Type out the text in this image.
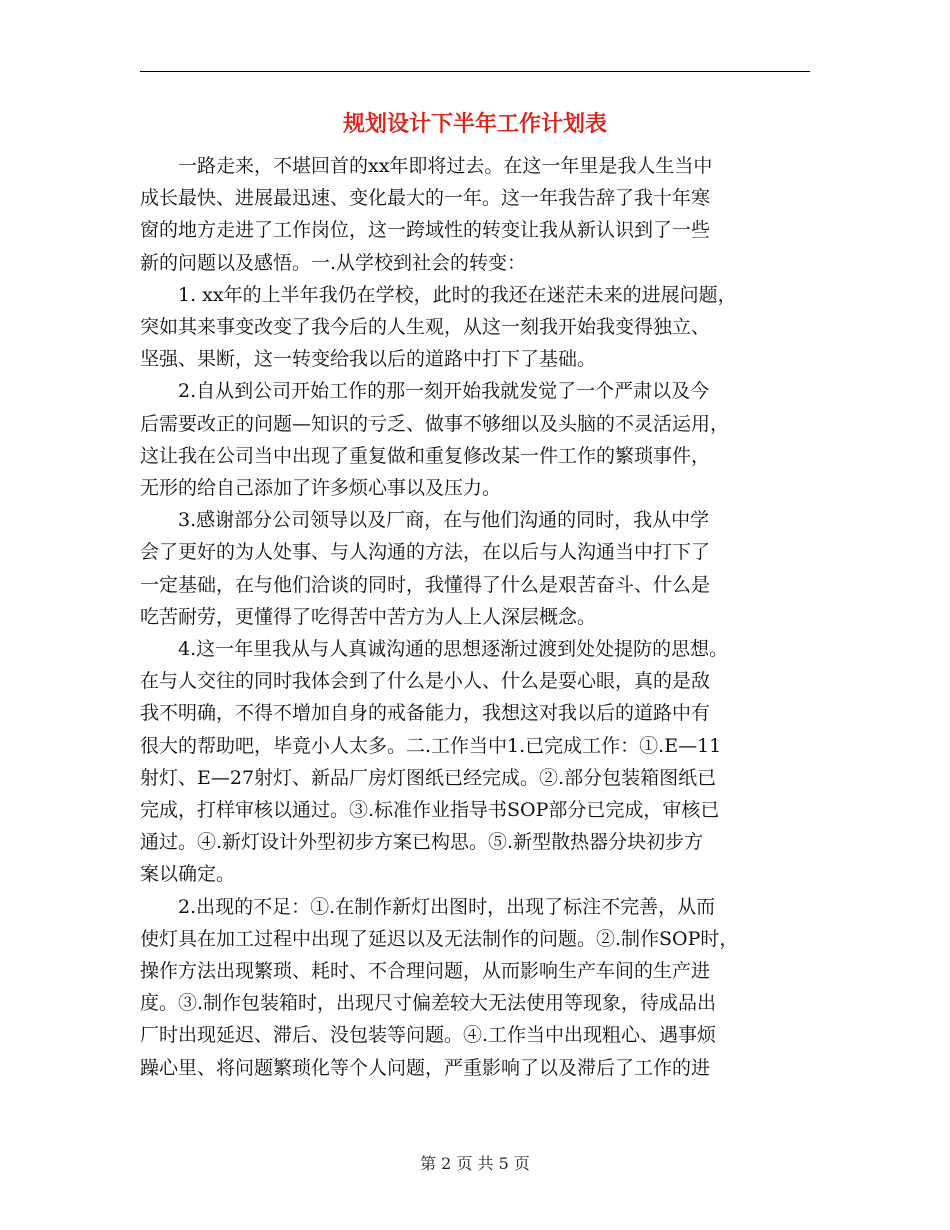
规划设计下半年工作计划表
一路走来，不堪回首的xx年即将过去。在这一年里是我人生当中
成长最快、进展最迅速、变化最大的一年。这一年我告辞了我十年寒
窗的地方走进了工作岗位，这一跨域性的转变让我从新认识到了一些
新的问题以及感悟。一.从学校到社会的转变：
1. xx年的上半年我仍在学校，此时的我还在迷茫未来的进展问题，
突如其来事变改变了我今后的人生观，从这一刻我开始我变得独立、
坚强、果断，这一转变给我以后的道路中打下了基础。
2.自从到公司开始工作的那一刻开始我就发觉了一个严肃以及今
后需要改正的问题—知识的亏乏、做事不够细以及头脑的不灵活运用，
这让我在公司当中出现了重复做和重复修改某一件工作的繁琐事件，
无形的给自己添加了许多烦心事以及压力。
3.感谢部分公司领导以及厂商，在与他们沟通的同时，我从中学
会了更好的为人处事、与人沟通的方法，在以后与人沟通当中打下了
一定基础，在与他们洽谈的同时，我懂得了什么是艰苦奋斗、什么是
吃苦耐劳，更懂得了吃得苦中苦方为人上人深层概念。
4.这一年里我从与人真诚沟通的思想逐渐过渡到处处提防的思想。
在与人交往的同时我体会到了什么是小人、什么是耍心眼，真的是敌
我不明确，不得不增加自身的戒备能力，我想这对我以后的道路中有
很大的帮助吧，毕竟小人太多。二.工作当中1.已完成工作：①.E—11
射灯、E—27射灯、新品厂房灯图纸已经完成。②.部分包装箱图纸已
完成，打样审核以通过。③.标准作业指导书SOP部分已完成，审核已
通过。④.新灯设计外型初步方案已构思。⑤.新型散热器分块初步方
案以确定。
2.出现的不足：①.在制作新灯出图时，出现了标注不完善，从而
使灯具在加工过程中出现了延迟以及无法制作的问题。②.制作SOP时，
操作方法出现繁琐、耗时、不合理问题，从而影响生产车间的生产进
度。③.制作包装箱时，出现尺寸偏差较大无法使用等现象，待成品出
厂时出现延迟、滞后、没包装等问题。④.工作当中出现粗心、遇事烦
躁心里、将问题繁琐化等个人问题，严重影响了以及滞后了工作的进
第 2 页 共 5 页
